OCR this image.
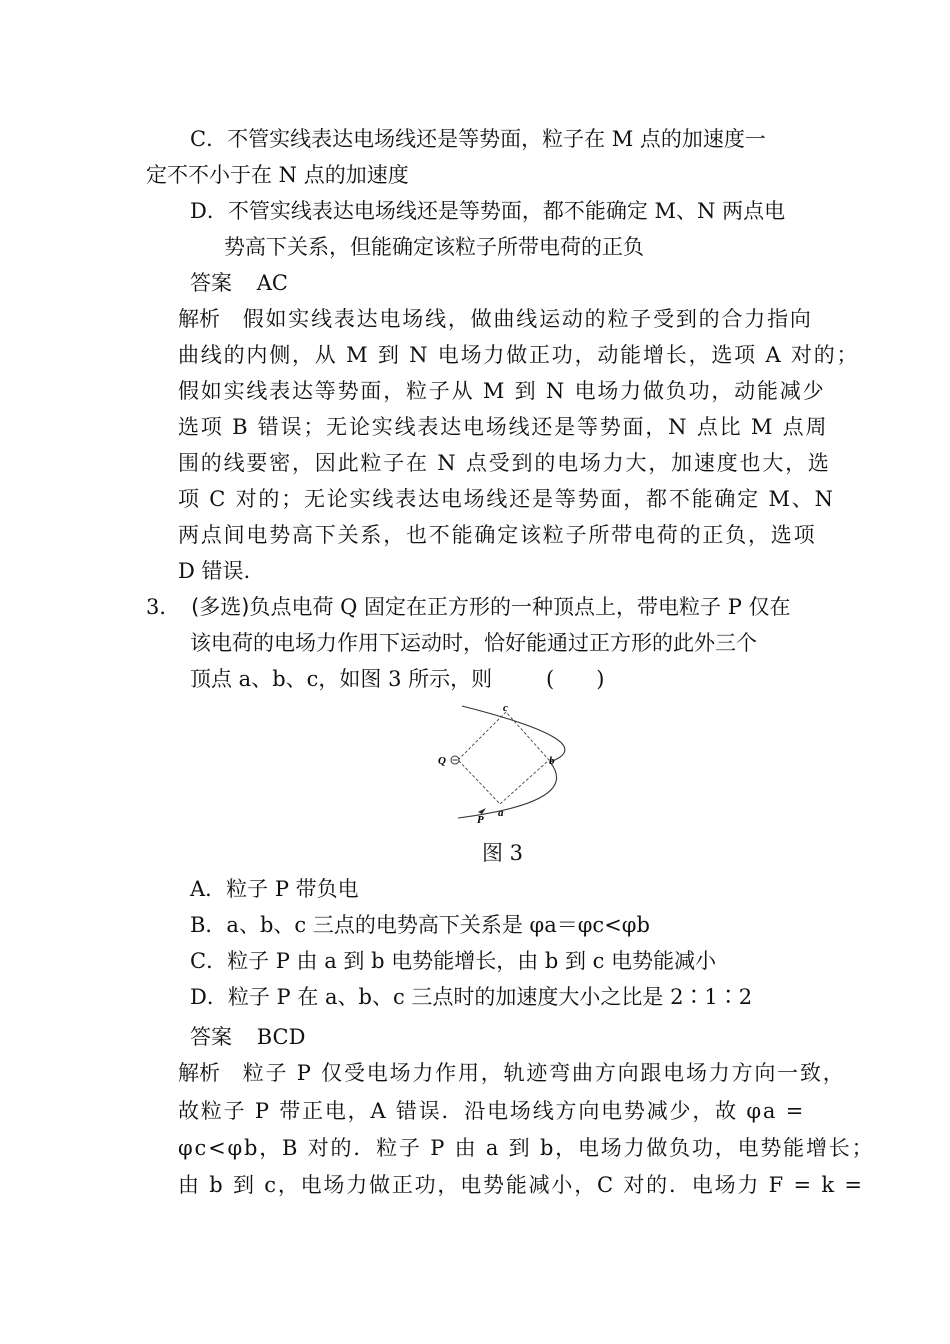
C．不管实线表达电场线还是等势面，粒子在 M 点的加速度一
定不不小于在 N 点的加速度
D．不管实线表达电场线还是等势面，都不能确定 M、N 两点电
势高下关系，但能确定该粒子所带电荷的正负
答案 AC
解析 假如实线表达电场线，做曲线运动的粒子受到的合力指向
曲线的内侧，从 M 到 N 电场力做正功，动能增长，选项 A 对的；
假如实线表达等势面，粒子从 M 到 N 电场力做负功，动能减少
选项 B 错误；无论实线表达电场线还是等势面，N 点比 M 点周
围的线要密，因此粒子在 N 点受到的电场力大，加速度也大，选
项 C 对的；无论实线表达电场线还是等势面，都不能确定 M、N
两点间电势高下关系，也不能确定该粒子所带电荷的正负，选项
D 错误.
3． (多选)负点电荷 Q 固定在正方形的一种顶点上，带电粒子 P 仅在
该电荷的电场力作用下运动时，恰好能通过正方形的此外三个
顶点 a、b、c，如图 3 所示，则	(　　)
Q
c
b
a
P
图 3
A．粒子 P 带负电
B．a、b、c 三点的电势高下关系是 φa＝φc<φb
C．粒子 P 由 a 到 b 电势能增长，由 b 到 c 电势能减小
D．粒子 P 在 a、b、c 三点时的加速度大小之比是 2∶1∶2
答案 BCD
解析 粒子 P 仅受电场力作用，轨迹弯曲方向跟电场力方向一致，
故粒子 P 带正电，A 错误．沿电场线方向电势减少，故 φa =
φc<φb，B 对的．粒子 P 由 a 到 b，电场力做负功，电势能增长；
由 b 到 c，电场力做正功，电势能减小，C 对的．电场力 F = k =
